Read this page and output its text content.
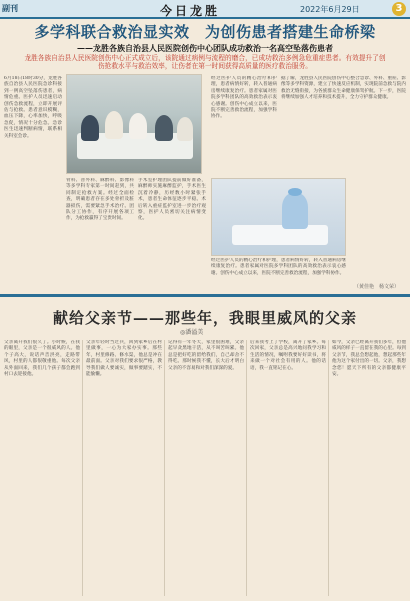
副刊	今日龙胜	2022年6月29日	3
多学科联合救治显实效　为创伤患者搭建生命桥梁
——龙胜各族自治县人民医院创伤中心团队成功救治一名高空坠落伤患者
龙胜各族自治县人民医院创伤中心正式成立后，该院通过病例与流程的磨合，已成功救治多例急危重症患者。有效提升了创伤抢救水平与救治效率，让伤者在第一时间获得高质量的医疗救治服务。
6月18日18时30分，龙胜各族自治县人民医院急诊科接到一例高空坠落伤患者，病情危重。医护人员迅速启动创伤急救流程，立即开展评估与抢救。患者意识模糊，血压下降，心率加快，呼吸急促，情况十分危急。急诊医生迅速判断病情，联系相关科室会诊。
骨科、普外科、麻醉科、影像科等多学科专家第一时间赶到，共同制定抢救方案。经过全面检查，明确患者存在多处骨折及脏器损伤，需要紧急手术治疗。团队分工协作，有序开展各项工作，为抢救赢得了宝贵时间。
手术室护理团队提前做好准备，麻醉师实施麻醉监护，手术医生沉着冷静，历经数小时紧张手术，患者生命体征逐步平稳。术后转入重症监护室进一步治疗观察，医护人员密切关注病情变化。
经过医护人员的精心治疗和护理，患者病情好转，转入普通病房继续康复治疗。患者家属对医院多学科团队的高效救治表示衷心感谢。创伤中心成立以来，医院不断完善救治流程，加强学科协作。
据了解，龙胜县人民医院创伤中心整合急诊、外科、重症、影像等多学科资源，建立了快速反应机制，实现院前急救与院内救治无缝衔接，为各族群众生命健康保驾护航。下一步，医院将继续加强人才培养和技术提升，全力守护群众健康。
经过医护人员的精心治疗和护理，患者病情好转，转入普通病房继续康复治疗。患者家属对医院多学科团队的高效救治表示衷心感谢。创伤中心成立以来，医院不断完善救治流程，加强学科协作。
（黄佳艳　杨文荣）
献给父亲节——那些年，我眼里威风的父亲
◎潘溢美
父亲离开我们很久了。小时候，在我的眼里，父亲是一个很威风的人。他个子高大，说话声音洪亮，走路带风，村里的人都很敬重他。每次父亲从外面回来，我们几个孩子都会跑到村口去迎接他。
父亲年轻时当过兵，回到家乡后在村里做事，一心为大家办实事。那些年，村里修路、修水渠，他总是冲在最前面。父亲对我们要求很严格，教导我们做人要诚实，做事要踏实，不能偷懒。
记得有一年冬天，家里很困难，父亲起早贪黑地干活，从不叫苦叫累。他总是把好吃的留给我们，自己却舍不得吃。那时候我不懂，长大后才明白父亲的不容易和对我们深深的爱。
后来我考上了学校，离开了家乡。每次回家，父亲总是高兴地问我学习和生活的情况，嘱咐我要好好读书，将来做一个对社会有用的人。他的话语，我一直铭记在心。
如今，父亲已经离开我们多年，但他威风的样子一直留在我的心里。每到父亲节，我总会想起他，想起那些年他为这个家付出的一切。父亲，我想念您！愿天下所有的父亲都健康平安。
